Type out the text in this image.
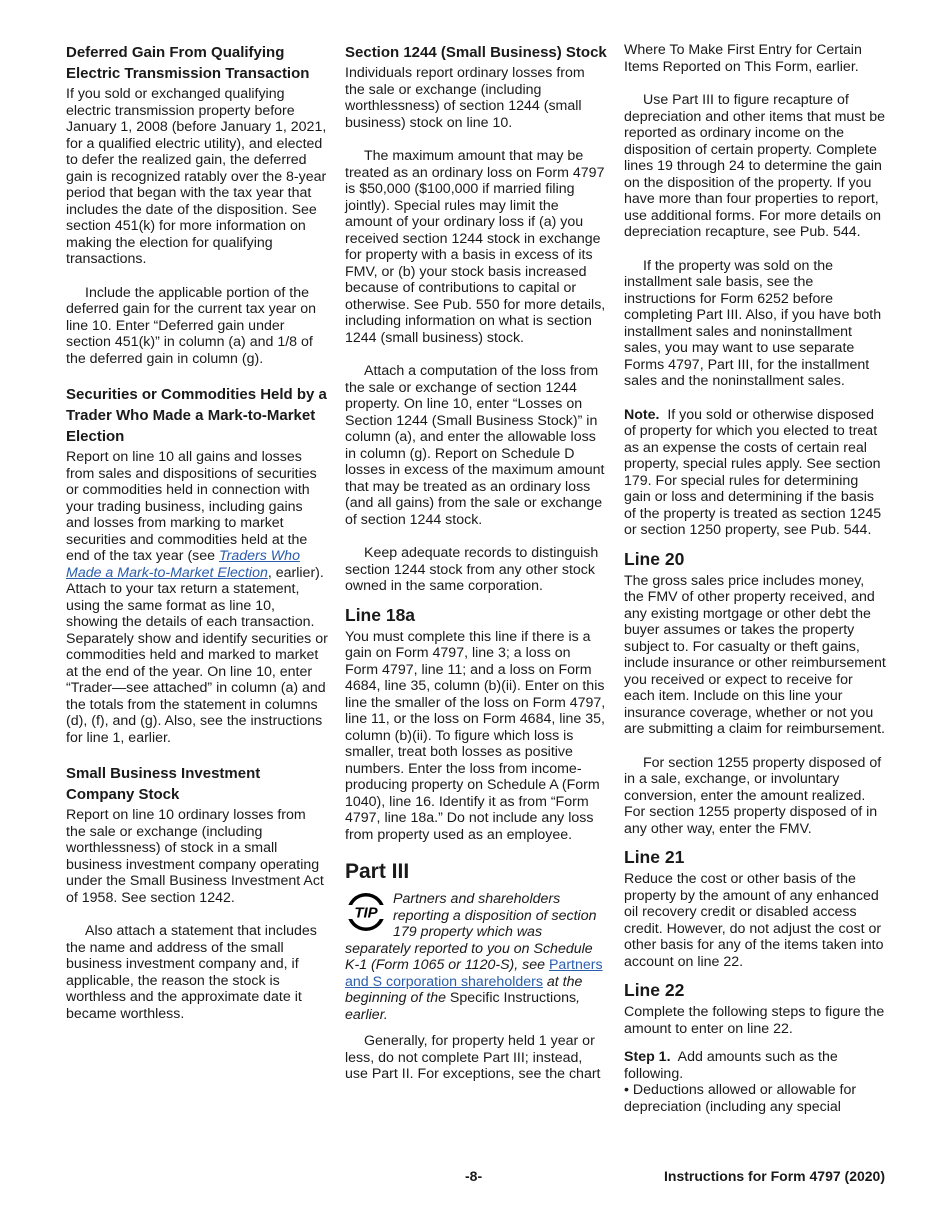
Deferred Gain From Qualifying Electric Transmission Transaction

If you sold or exchanged qualifying electric transmission property before January 1, 2008 (before January 1, 2021, for a qualified electric utility), and elected to defer the realized gain, the deferred gain is recognized ratably over the 8-year period that began with the tax year that includes the date of the disposition. See section 451(k) for more information on making the election for qualifying transactions.

Include the applicable portion of the deferred gain for the current tax year on line 10. Enter “Deferred gain under section 451(k)” in column (a) and 1/8 of the deferred gain in column (g).

Securities or Commodities Held by a Trader Who Made a Mark-to-Market Election

Report on line 10 all gains and losses from sales and dispositions of securities or commodities held in connection with your trading business, including gains and losses from marking to market securities and commodities held at the end of the tax year (see Traders Who Made a Mark-to-Market Election, earlier). Attach to your tax return a statement, using the same format as line 10, showing the details of each transaction. Separately show and identify securities or commodities held and marked to market at the end of the year. On line 10, enter “Trader—see attached” in column (a) and the totals from the statement in columns (d), (f), and (g). Also, see the instructions for line 1, earlier.

Small Business Investment Company Stock

Report on line 10 ordinary losses from the sale or exchange (including worthlessness) of stock in a small business investment company operating under the Small Business Investment Act of 1958. See section 1242.

Also attach a statement that includes the name and address of the small business investment company and, if applicable, the reason the stock is worthless and the approximate date it became worthless.

Section 1244 (Small Business) Stock

Individuals report ordinary losses from the sale or exchange (including worthlessness) of section 1244 (small business) stock on line 10.

The maximum amount that may be treated as an ordinary loss on Form 4797 is $50,000 ($100,000 if married filing jointly). Special rules may limit the amount of your ordinary loss if (a) you received section 1244 stock in exchange for property with a basis in excess of its FMV, or (b) your stock basis increased because of contributions to capital or otherwise. See Pub. 550 for more details, including information on what is section 1244 (small business) stock.

Attach a computation of the loss from the sale or exchange of section 1244 property. On line 10, enter “Losses on Section 1244 (Small Business Stock)” in column (a), and enter the allowable loss in column (g). Report on Schedule D losses in excess of the maximum amount that may be treated as an ordinary loss (and all gains) from the sale or exchange of section 1244 stock.

Keep adequate records to distinguish section 1244 stock from any other stock owned in the same corporation.

Line 18a

You must complete this line if there is a gain on Form 4797, line 3; a loss on Form 4797, line 11; and a loss on Form 4684, line 35, column (b)(ii). Enter on this line the smaller of the loss on Form 4797, line 11, or the loss on Form 4684, line 35, column (b)(ii). To figure which loss is smaller, treat both losses as positive numbers. Enter the loss from income-producing property on Schedule A (Form 1040), line 16. Identify it as from “Form 4797, line 18a.” Do not include any loss from property used as an employee.

Part III
TIP
Partners and shareholders reporting a disposition of section 179 property which was separately reported to you on Schedule K-1 (Form 1065 or 1120-S), see Partners and S corporation shareholders at the beginning of the Specific Instructions, earlier.

Generally, for property held 1 year or less, do not complete Part III; instead, use Part II. For exceptions, see the chart

Where To Make First Entry for Certain Items Reported on This Form, earlier.

Use Part III to figure recapture of depreciation and other items that must be reported as ordinary income on the disposition of certain property. Complete lines 19 through 24 to determine the gain on the disposition of the property. If you have more than four properties to report, use additional forms. For more details on depreciation recapture, see Pub. 544.

If the property was sold on the installment sale basis, see the instructions for Form 6252 before completing Part III. Also, if you have both installment sales and noninstallment sales, you may want to use separate Forms 4797, Part III, for the installment sales and the noninstallment sales.

Note. If you sold or otherwise disposed of property for which you elected to treat as an expense the costs of certain real property, special rules apply. See section 179. For special rules for determining gain or loss and determining if the basis of the property is treated as section 1245 or section 1250 property, see Pub. 544.

Line 20

The gross sales price includes money, the FMV of other property received, and any existing mortgage or other debt the buyer assumes or takes the property subject to. For casualty or theft gains, include insurance or other reimbursement you received or expect to receive for each item. Include on this line your insurance coverage, whether or not you are submitting a claim for reimbursement.

For section 1255 property disposed of in a sale, exchange, or involuntary conversion, enter the amount realized. For section 1255 property disposed of in any other way, enter the FMV.

Line 21

Reduce the cost or other basis of the property by the amount of any enhanced oil recovery credit or disabled access credit. However, do not adjust the cost or other basis for any of the items taken into account on line 22.

Line 22

Complete the following steps to figure the amount to enter on line 22.

Step 1. Add amounts such as the following.

• Deductions allowed or allowable for depreciation (including any special

-8-	Instructions for Form 4797 (2020)
